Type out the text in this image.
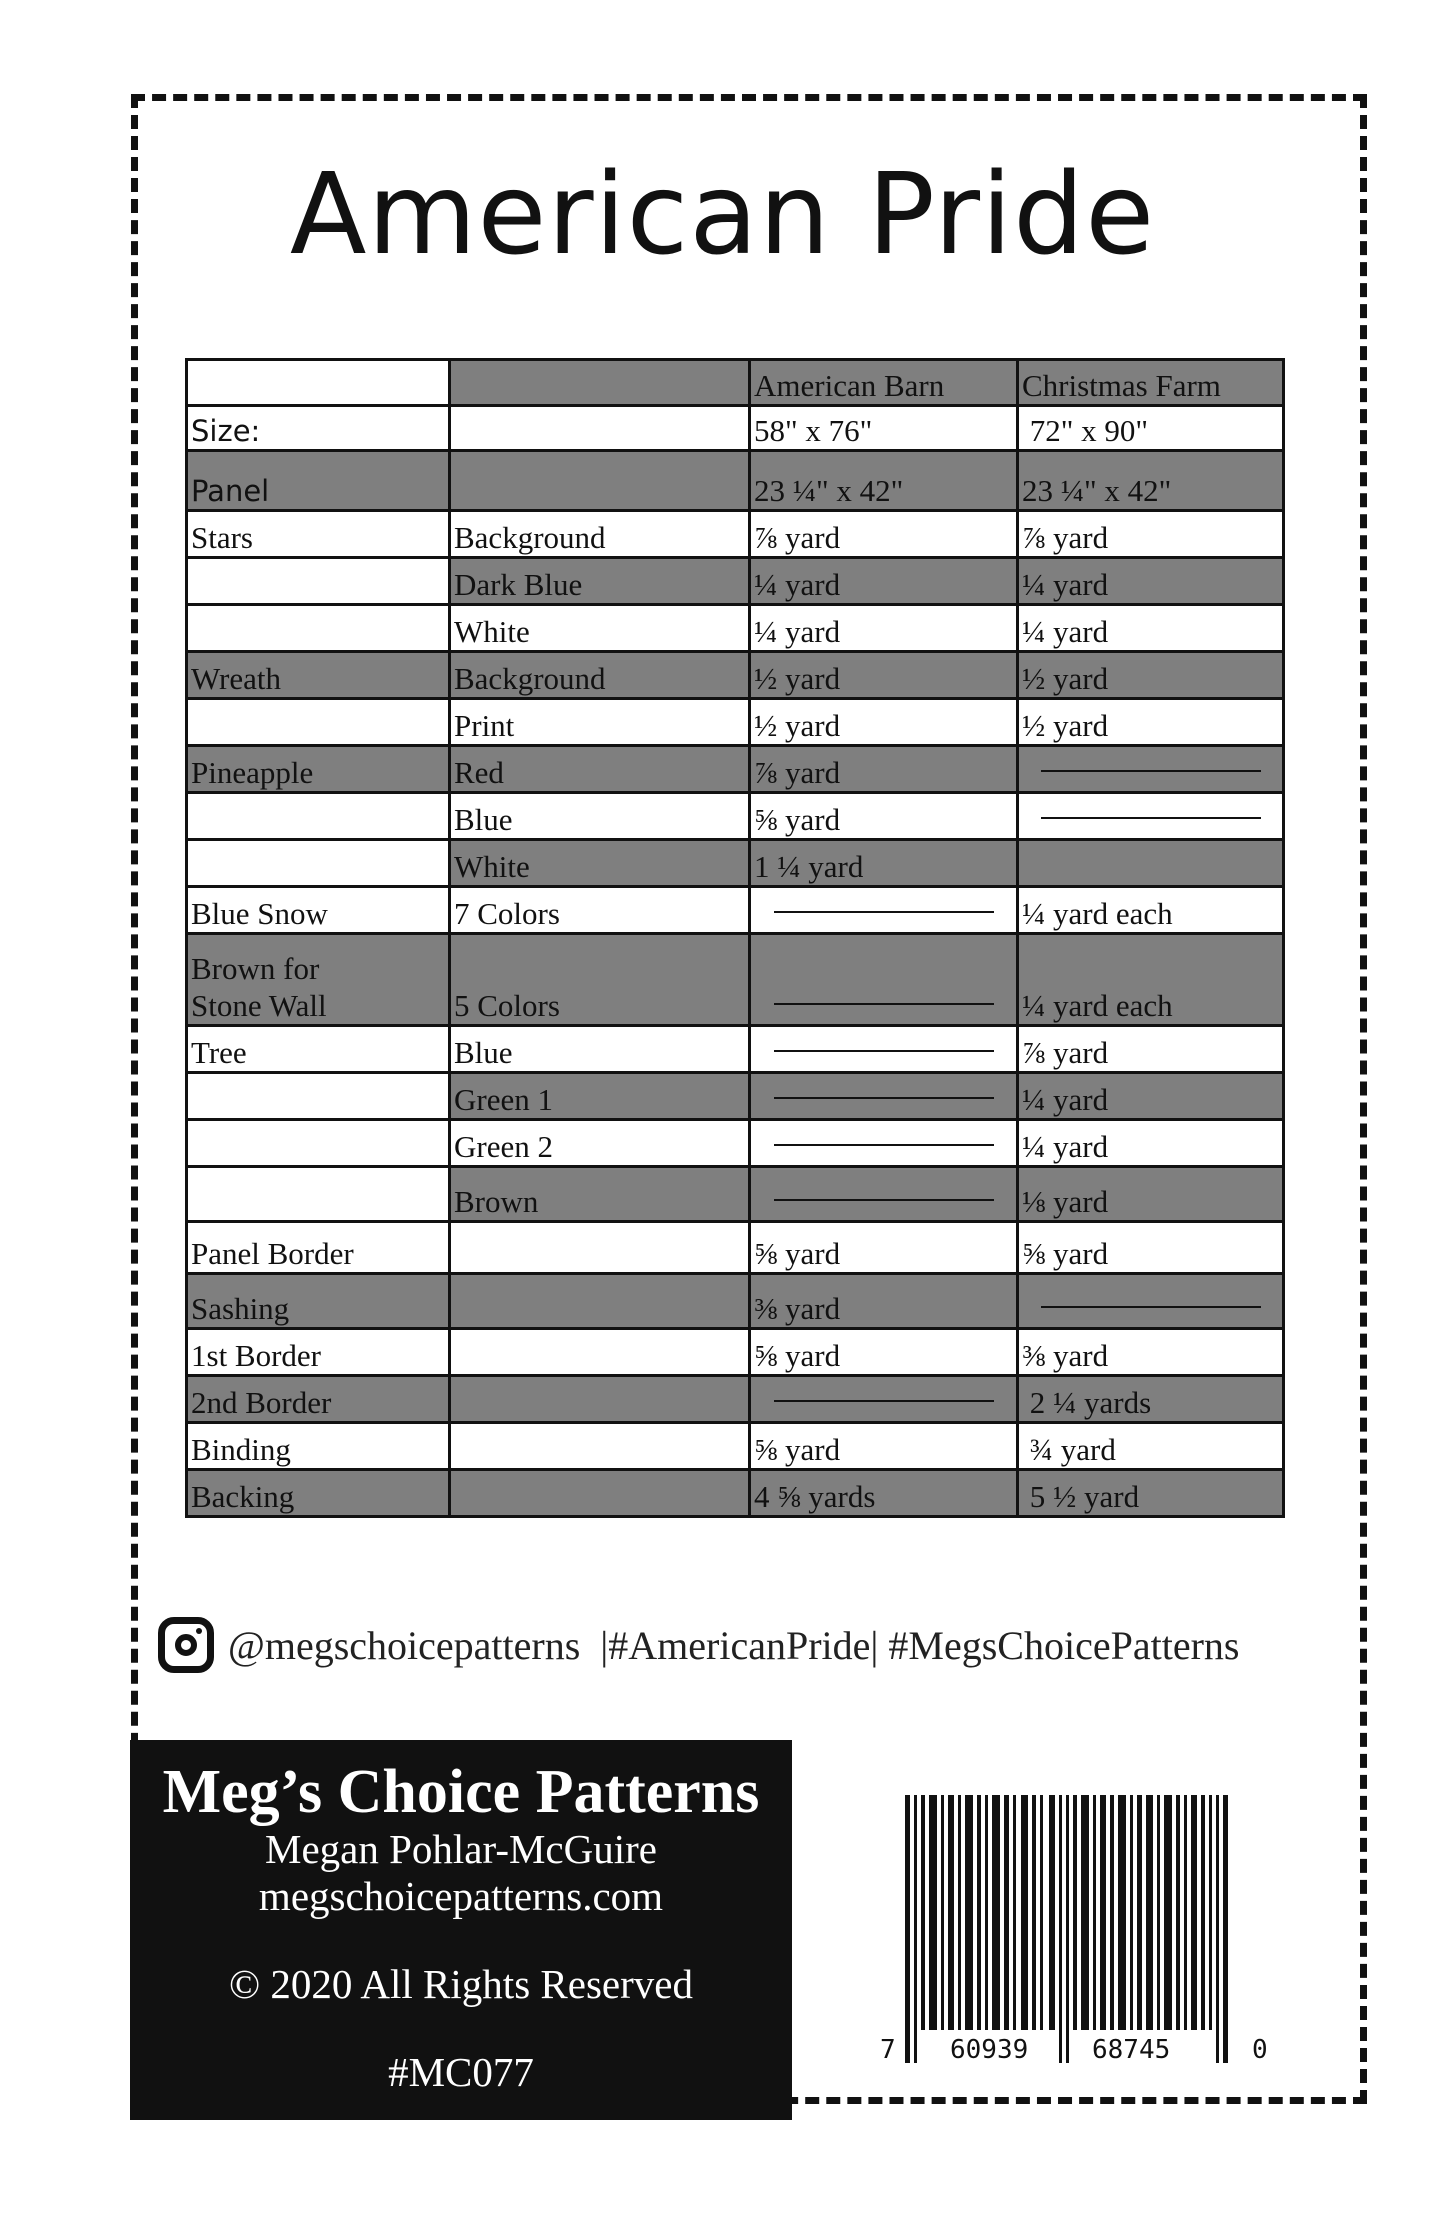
American Pride
		American Barn	Christmas Farm
Size:		58" x 76"	72" x 90"
Panel		23 ¼" x 42"	23 ¼" x 42"
Stars	Background	⅞ yard	⅞ yard
	Dark Blue	¼ yard	¼ yard
	White	¼ yard	¼ yard
Wreath	Background	½ yard	½ yard
	Print	½ yard	½ yard
Pineapple	Red	⅞ yard	
	Blue	⅝ yard	
	White	1 ¼ yard	
Blue Snow	7 Colors		¼ yard each
Brown for
Stone Wall	5 Colors		¼ yard each
Tree	Blue		⅞ yard
	Green 1		¼ yard
	Green 2		¼ yard
	Brown		⅛ yard
Panel Border		⅝ yard	⅝ yard
Sashing		⅜ yard	
1st Border		⅝ yard	⅜ yard
2nd Border			2 ¼ yards
Binding		⅝ yard	¾ yard
Backing		4 ⅝ yards	5 ½ yard
@megschoicepatterns  |#AmericanPride| #MegsChoicePatterns
Meg’s Choice Patterns
Megan Pohlar-McGuire
megschoicepatterns.com
© 2020 All Rights Reserved
#MC077	7 60939 68745	0
